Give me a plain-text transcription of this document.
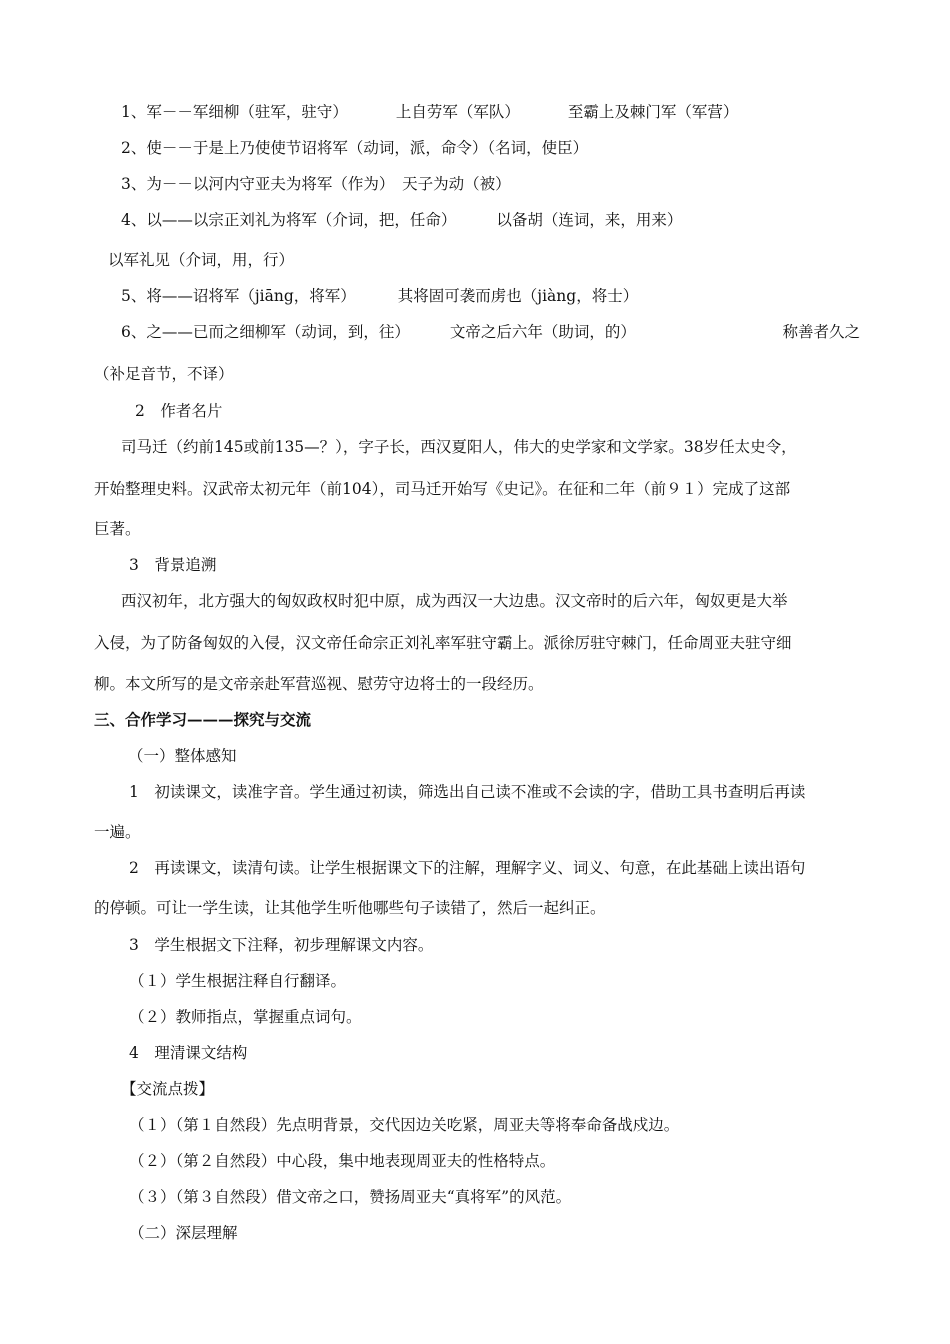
1、军－－军细柳（驻军，驻守）	上自劳军（军队）	至霸上及棘门军（军营）
2、使－－于是上乃使使节诏将军（动词，派，命令）（名词，使臣）
3、为－－以河内守亚夫为将军（作为）　天子为动（被）
4、以——以宗正刘礼为将军（介词，把，任命）	以备胡（连词，来，用来）
以军礼见（介词，用，行）
5、将——诏将军（jiāng，将军）	其将固可袭而虏也（jiàng，将士）
6、之——已而之细柳军（动词，到，往）	文帝之后六年（助词，的）	称善者久之
（补足音节，不译）
2　作者名片
司马迁（约前145或前135—？），字子长，西汉夏阳人，伟大的史学家和文学家。38岁任太史令，
开始整理史料。汉武帝太初元年（前104），司马迁开始写《史记》。在征和二年（前９１）完成了这部
巨著。
3　背景追溯
西汉初年，北方强大的匈奴政权时犯中原，成为西汉一大边患。汉文帝时的后六年，匈奴更是大举
入侵，为了防备匈奴的入侵，汉文帝任命宗正刘礼率军驻守霸上。派徐厉驻守棘门，任命周亚夫驻守细
柳。本文所写的是文帝亲赴军营巡视、慰劳守边将士的一段经历。
三、合作学习———探究与交流
（一）整体感知
1　初读课文，读准字音。学生通过初读，筛选出自己读不准或不会读的字，借助工具书查明后再读
一遍。
2　再读课文，读清句读。让学生根据课文下的注解，理解字义、词义、句意，在此基础上读出语句
的停顿。可让一学生读，让其他学生听他哪些句子读错了，然后一起纠正。
3　学生根据文下注释，初步理解课文内容。
（１）学生根据注释自行翻译。
（２）教师指点，掌握重点词句。
4　理清课文结构
【交流点拨】
（１）（第１自然段）先点明背景，交代因边关吃紧，周亚夫等将奉命备战戍边。
（２）（第２自然段）中心段，集中地表现周亚夫的性格特点。
（３）（第３自然段）借文帝之口，赞扬周亚夫“真将军”的风范。
（二）深层理解
